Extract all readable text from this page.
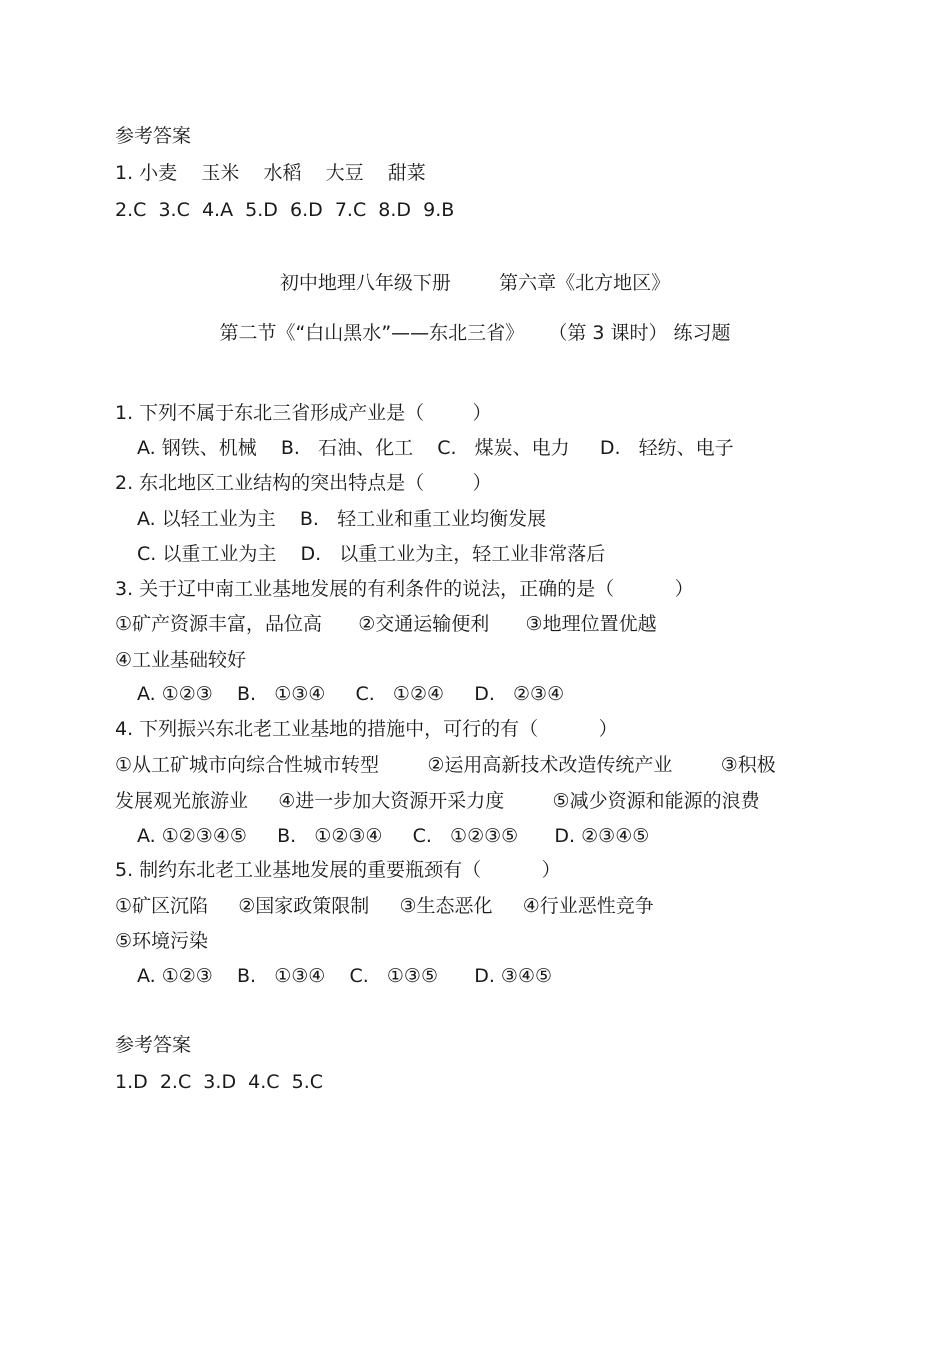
参考答案
1. 小麦    玉米    水稻    大豆    甜菜
2.C  3.C  4.A  5.D  6.D  7.C  8.D  9.B
初中地理八年级下册        第六章《北方地区》
第二节《“白山黑水”——东北三省》    （第 3 课时） 练习题
1. 下列不属于东北三省形成产业是（        ）
A. 钢铁、机械    B.   石油、化工    C.   煤炭、电力     D.   轻纺、电子
2. 东北地区工业结构的突出特点是（        ）
A. 以轻工业为主    B.   轻工业和重工业均衡发展
C. 以重工业为主    D.   以重工业为主，轻工业非常落后
3. 关于辽中南工业基地发展的有利条件的说法，正确的是（          ）
①矿产资源丰富，品位高      ②交通运输便利      ③地理位置优越
④工业基础较好
A. ①②③    B.   ①③④     C.   ①②④     D.   ②③④
4. 下列振兴东北老工业基地的措施中，可行的有（          ）
①从工矿城市向综合性城市转型        ②运用高新技术改造传统产业        ③积极
发展观光旅游业     ④进一步加大资源开采力度        ⑤减少资源和能源的浪费
A. ①②③④⑤     B.   ①②③④     C.   ①②③⑤      D. ②③④⑤
5. 制约东北老工业基地发展的重要瓶颈有（          ）
①矿区沉陷     ②国家政策限制     ③生态恶化     ④行业恶性竞争
⑤环境污染
A. ①②③    B.   ①③④    C.   ①③⑤      D. ③④⑤
参考答案
1.D  2.C  3.D  4.C  5.C
